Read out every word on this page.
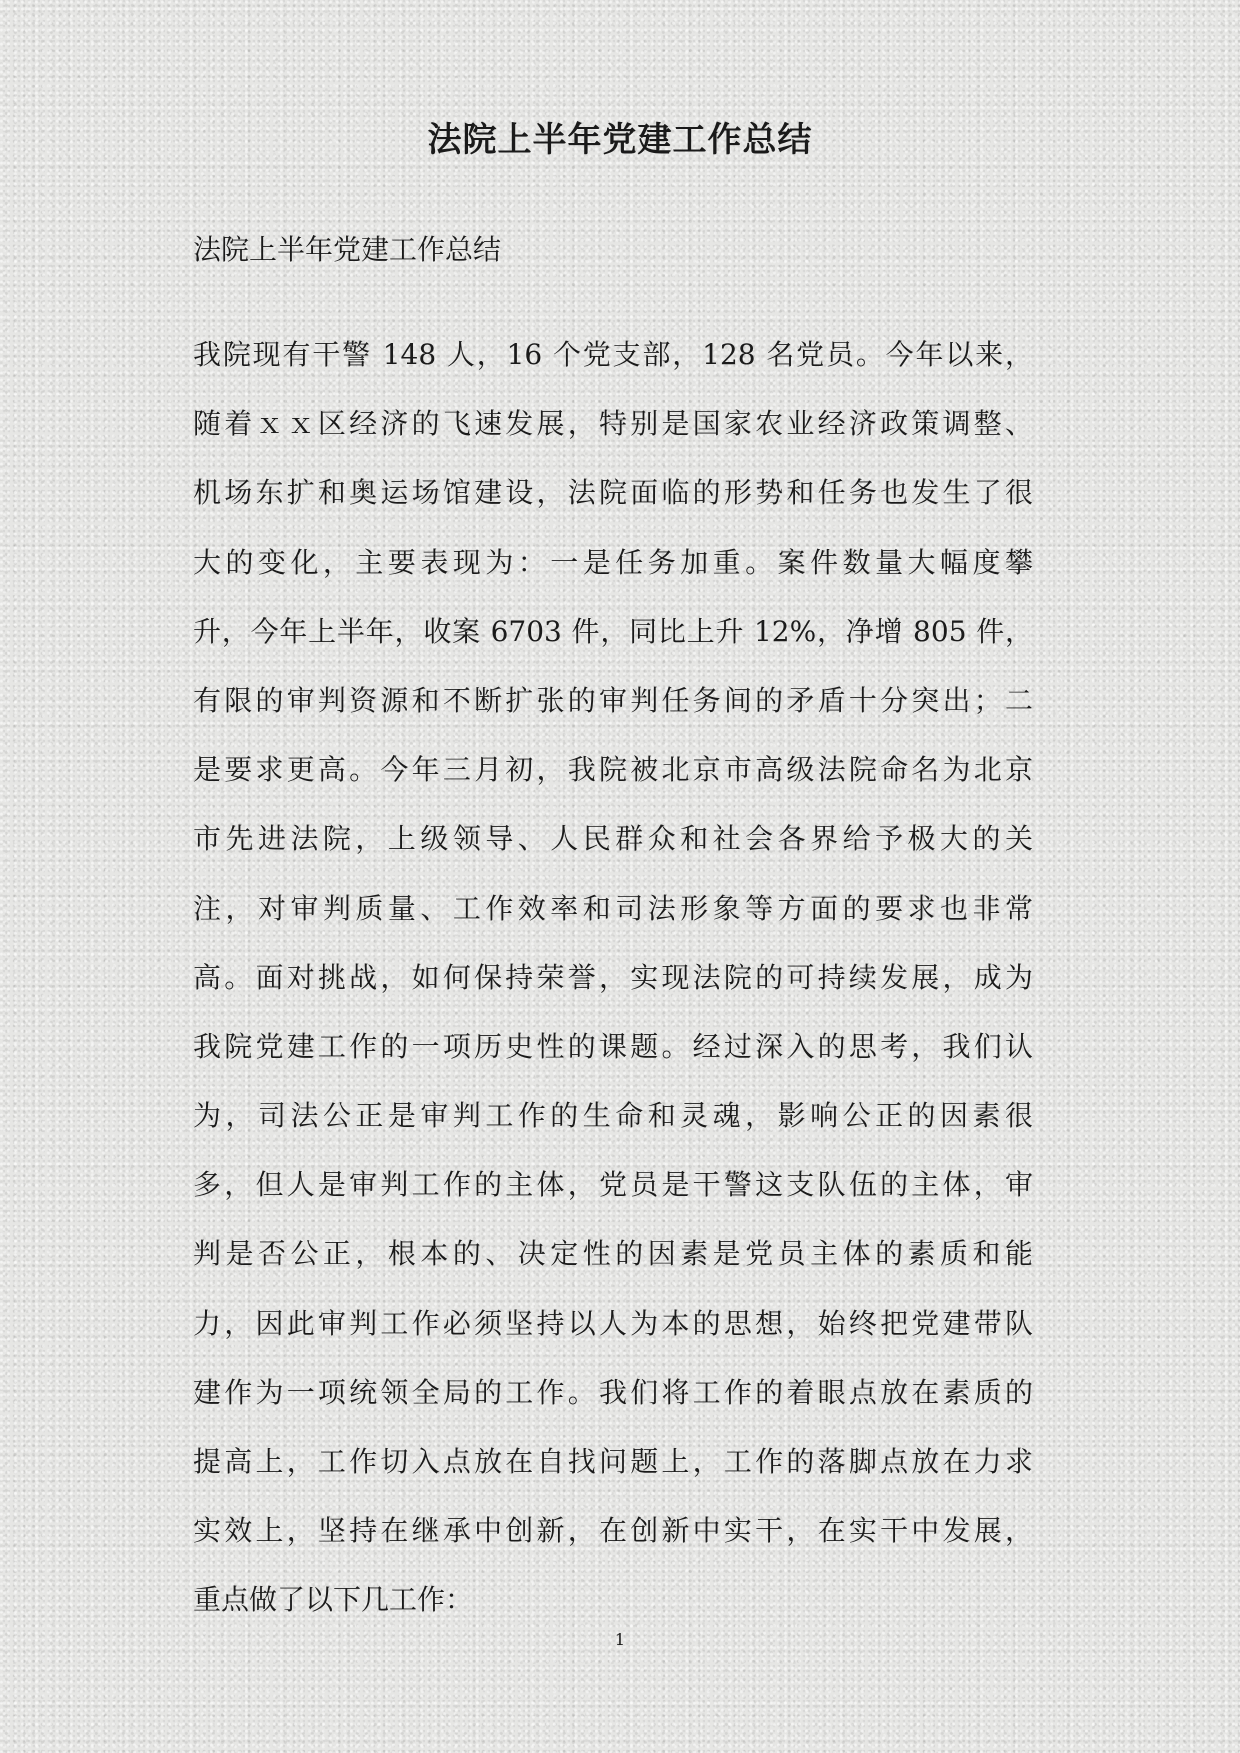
法院上半年党建工作总结

法院上半年党建工作总结

我院现有干警 148 人，16 个党支部，128 名党员。今年以来，
随着ｘｘ区经济的飞速发展，特别是国家农业经济政策调整、
机场东扩和奥运场馆建设，法院面临的形势和任务也发生了很
大的变化，主要表现为：一是任务加重。案件数量大幅度攀
升，今年上半年，收案 6703 件，同比上升 12%，净增 805 件，
有限的审判资源和不断扩张的审判任务间的矛盾十分突出；二
是要求更高。今年三月初，我院被北京市高级法院命名为北京
市先进法院，上级领导、人民群众和社会各界给予极大的关
注，对审判质量、工作效率和司法形象等方面的要求也非常
高。面对挑战，如何保持荣誉，实现法院的可持续发展，成为
我院党建工作的一项历史性的课题。经过深入的思考，我们认
为，司法公正是审判工作的生命和灵魂，影响公正的因素很
多，但人是审判工作的主体，党员是干警这支队伍的主体，审
判是否公正，根本的、决定性的因素是党员主体的素质和能
力，因此审判工作必须坚持以人为本的思想，始终把党建带队
建作为一项统领全局的工作。我们将工作的着眼点放在素质的
提高上，工作切入点放在自找问题上，工作的落脚点放在力求
实效上，坚持在继承中创新，在创新中实干，在实干中发展，
重点做了以下几工作：

1
